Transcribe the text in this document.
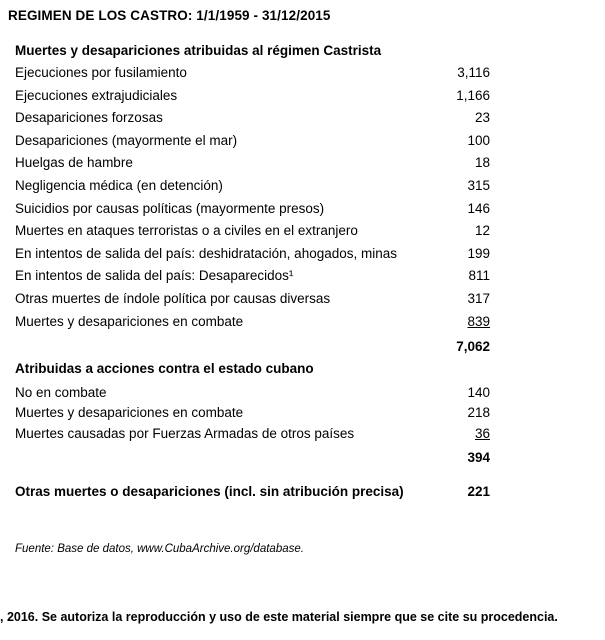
REGIMEN DE LOS CASTRO: 1/1/1959 - 31/12/2015
Muertes y desapariciones atribuidas al régimen Castrista
Ejecuciones por fusilamiento	3,116
Ejecuciones extrajudiciales	1,166
Desapariciones forzosas	23
Desapariciones (mayormente el mar)	100
Huelgas de hambre	18
Negligencia médica (en detención)	315
Suicidios por causas políticas (mayormente presos)	146
Muertes en ataques terroristas o a civiles en el extranjero	12
En intentos de salida del país: deshidratación, ahogados, minas	199
En intentos de salida del país: Desaparecidos¹	811
Otras muertes de índole política por causas diversas	317
Muertes y desapariciones en combate	839
7,062
Atribuidas a acciones contra el estado cubano
No en combate	140
Muertes y desapariciones en combate	218
Muertes causadas por Fuerzas Armadas de otros países	36
394
Otras muertes o desapariciones (incl. sin atribución precisa)	221
Fuente: Base de datos, www.CubaArchive.org/database.
, 2016. Se autoriza la reproducción y uso de este material siempre que se cite su procedencia.
